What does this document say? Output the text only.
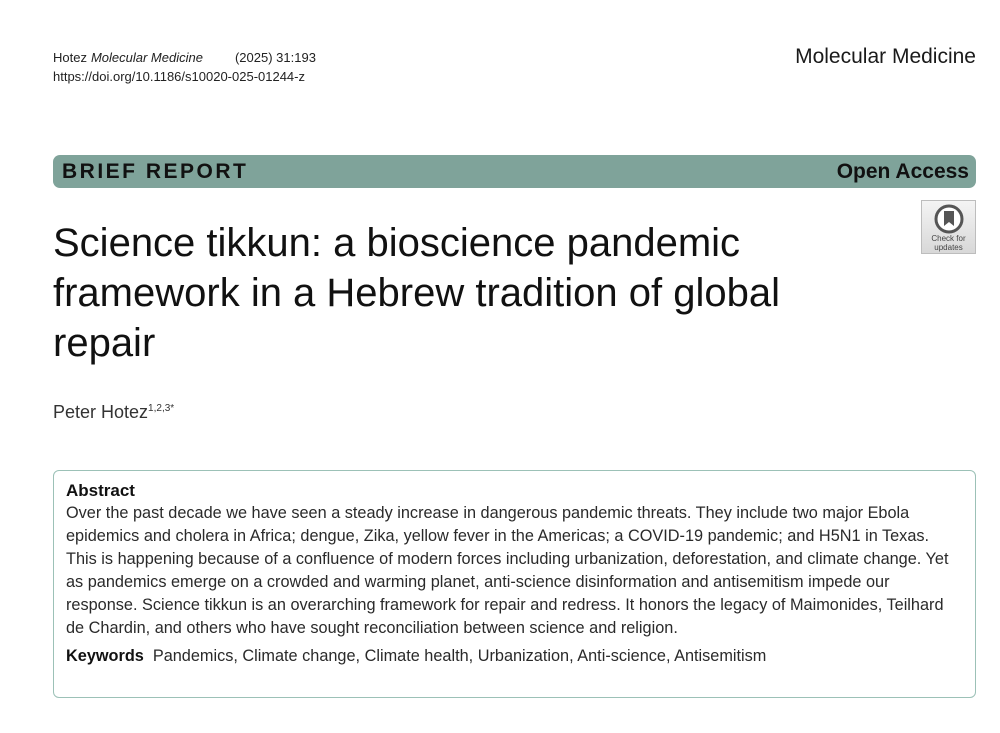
Hotez Molecular Medicine (2025) 31:193
https://doi.org/10.1186/s10020-025-01244-z
Molecular Medicine
BRIEF REPORT	Open Access
Check for
updates
Science tikkun: a bioscience pandemic framework in a Hebrew tradition of global repair
Peter Hotez$^{1,2,3*}$
Abstract

Over the past decade we have seen a steady increase in dangerous pandemic threats. They include two major Ebola epidemics and cholera in Africa; dengue, Zika, yellow fever in the Americas; a COVID-19 pandemic; and H5N1 in Texas. This is happening because of a confluence of modern forces including urbanization, deforestation, and climate change. Yet as pandemics emerge on a crowded and warming planet, anti-science disinformation and antisemitism impede our response. Science tikkun is an overarching framework for repair and redress. It honors the legacy of Maimonides, Teilhard de Chardin, and others who have sought reconciliation between science and religion.

Keywords Pandemics, Climate change, Climate health, Urbanization, Anti-science, Antisemitism
